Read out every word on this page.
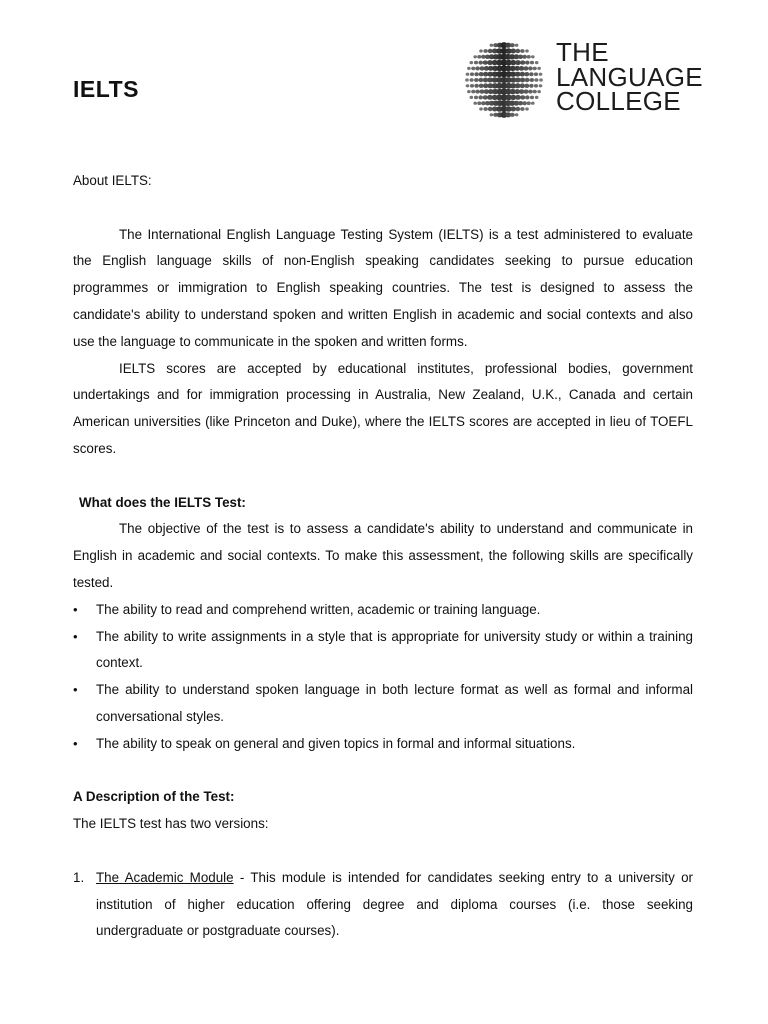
IELTS
THE
LANGUAGE
COLLEGE

About IELTS:

The International English Language Testing System (IELTS) is a test administered to evaluate the English language skills of non-English speaking candidates seeking to pursue education programmes or immigration to English speaking countries. The test is designed to assess the candidate's ability to understand spoken and written English in academic and social contexts and also use the language to communicate in the spoken and written forms.

IELTS scores are accepted by educational institutes, professional bodies, government undertakings and for immigration processing in Australia, New Zealand, U.K., Canada and certain American universities (like Princeton and Duke), where the IELTS scores are accepted in lieu of TOEFL scores.

What does the IELTS Test:

The objective of the test is to assess a candidate's ability to understand and communicate in English in academic and social contexts. To make this assessment, the following skills are specifically tested.

• The ability to read and comprehend written, academic or training language.
• The ability to write assignments in a style that is appropriate for university study or within a training context.
• The ability to understand spoken language in both lecture format as well as formal and informal conversational styles.
• The ability to speak on general and given topics in formal and informal situations.

A Description of the Test:

The IELTS test has two versions:

1. The Academic Module - This module is intended for candidates seeking entry to a university or institution of higher education offering degree and diploma courses (i.e. those seeking undergraduate or postgraduate courses).
